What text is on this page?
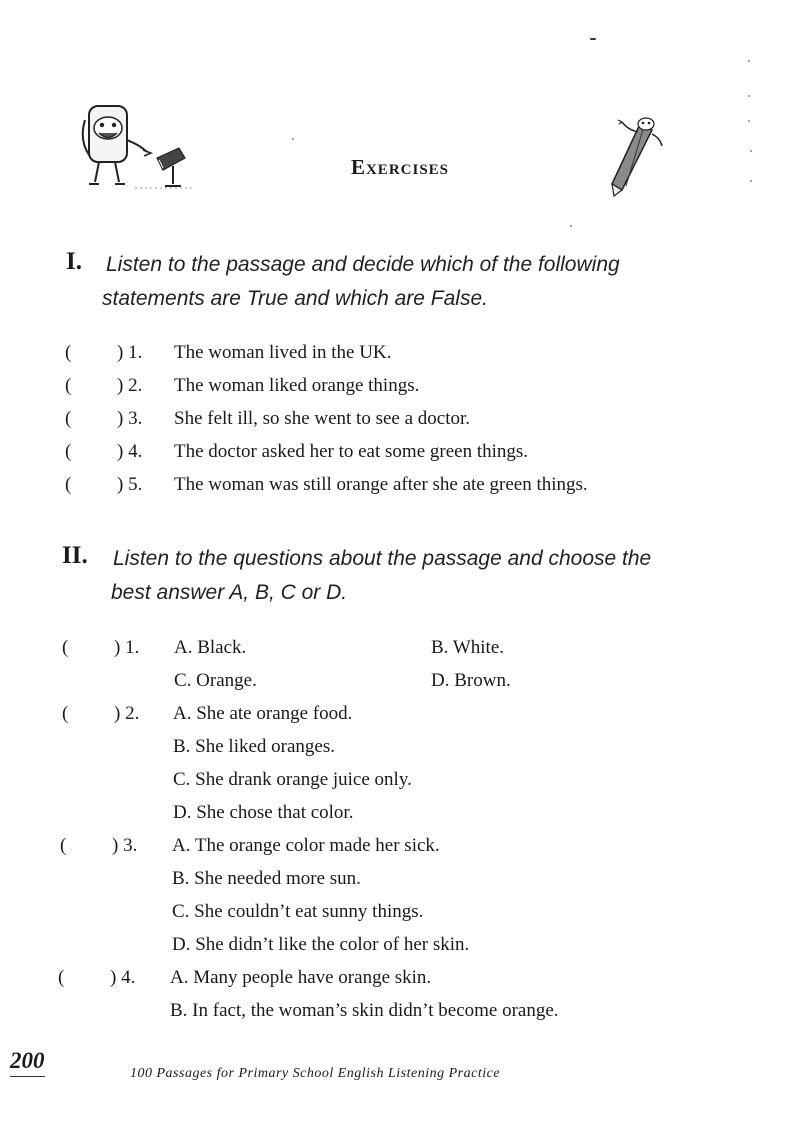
Exercises
I. Listen to the passage and decide which of the following
statements are True and which are False.
( ) 1. The woman lived in the UK.
( ) 2. The woman liked orange things.
( ) 3. She felt ill, so she went to see a doctor.
( ) 4. The doctor asked her to eat some green things.
( ) 5. The woman was still orange after she ate green things.
II. Listen to the questions about the passage and choose the
best answer A, B, C or D.
( ) 1. A. Black.	B. White.
C. Orange.	D. Brown.
( ) 2. A. She ate orange food.
B. She liked oranges.
C. She drank orange juice only.
D. She chose that color.
( ) 3. A. The orange color made her sick.
B. She needed more sun.
C. She couldn’t eat sunny things.
D. She didn’t like the color of her skin.
( ) 4. A. Many people have orange skin.
B. In fact, the woman’s skin didn’t become orange.
200
100 Passages for Primary School English Listening Practice
